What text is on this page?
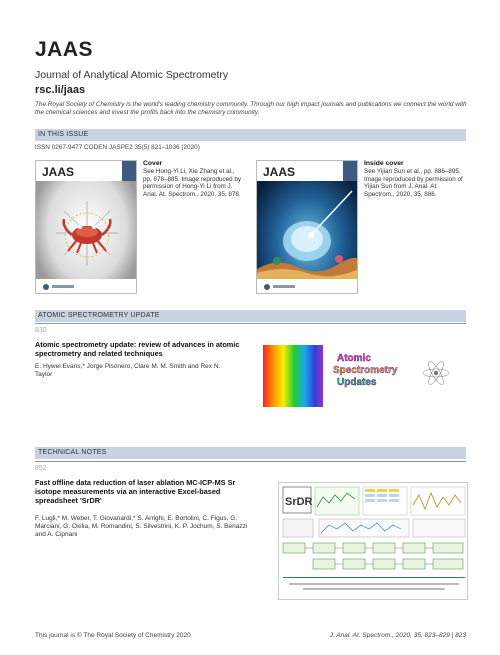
JAAS
Journal of Analytical Atomic Spectrometry
rsc.li/jaas
The Royal Society of Chemistry is the world's leading chemistry community. Through our high impact journals and publications we connect the world with the chemical sciences and invest the profits back into the chemistry community.
IN THIS ISSUE
ISSN 0267-9477 CODEN JASPE2 35(5) 821–1036 (2020)
JAAS
Cover
See Hong-Yi Li, Xie Zhang et al., pp. 878–885. Image reproduced by permission of Hong-Yi Li from J. Anal. At. Spectrom., 2020, 35, 878.
JAAS
Inside cover
See Yijian Sun et al., pp. 886–895. Image reproduced by permission of Yijian Sun from J. Anal. At. Spectrom., 2020, 35, 886.
ATOMIC SPECTROMETRY UPDATE
830
Atomic spectrometry update: review of advances in atomic spectrometry and related techniques
E. Hywel Evans,* Jorge Pisonero, Clare M. M. Smith and Rex N. Taylor
Atomic
Spectrometry
Updates
TECHNICAL NOTES
852
Fast offline data reduction of laser ablation MC-ICP-MS Sr isotope measurements via an interactive Excel-based spreadsheet 'SrDR'
F. Lugli,* M. Weber, T. Giovanardi,* S. Arrighi, E. Bortolini, C. Figus, G. Marciani, G. Oxilia, M. Romandini, S. Silvestrini, K. P. Jochum, S. Benazzi and A. Cipriani
SrDR
This journal is © The Royal Society of Chemistry 2020	J. Anal. At. Spectrom., 2020, 35, 823–829 | 823
